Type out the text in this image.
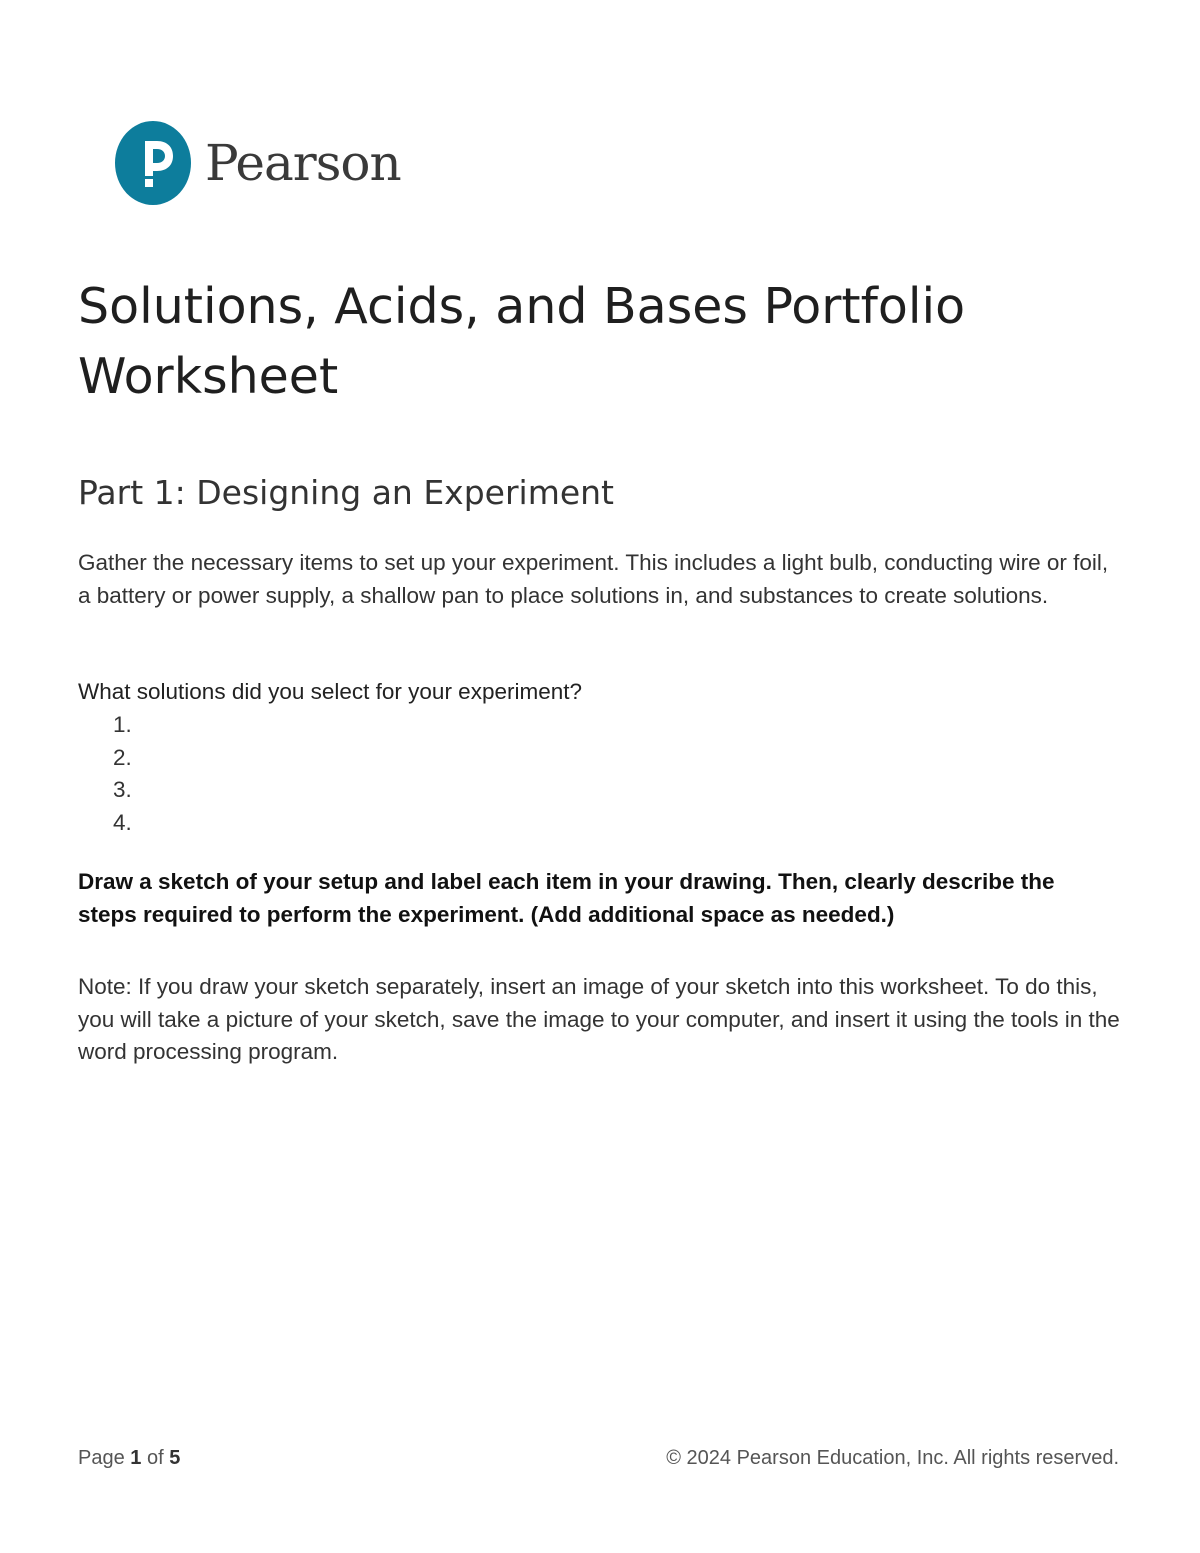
Pearson
Solutions, Acids, and Bases Portfolio Worksheet
Part 1: Designing an Experiment

Gather the necessary items to set up your experiment. This includes a light bulb, conducting wire or foil, a battery or power supply, a shallow pan to place solutions in, and substances to create solutions.

What solutions did you select for your experiment?

1.
2.
3.
4.

Draw a sketch of your setup and label each item in your drawing. Then, clearly describe the steps required to perform the experiment. (Add additional space as needed.)

Note: If you draw your sketch separately, insert an image of your sketch into this worksheet. To do this, you will take a picture of your sketch, save the image to your computer, and insert it using the tools in the word processing program.

Page 1 of 5	© 2024 Pearson Education, Inc. All rights reserved.
